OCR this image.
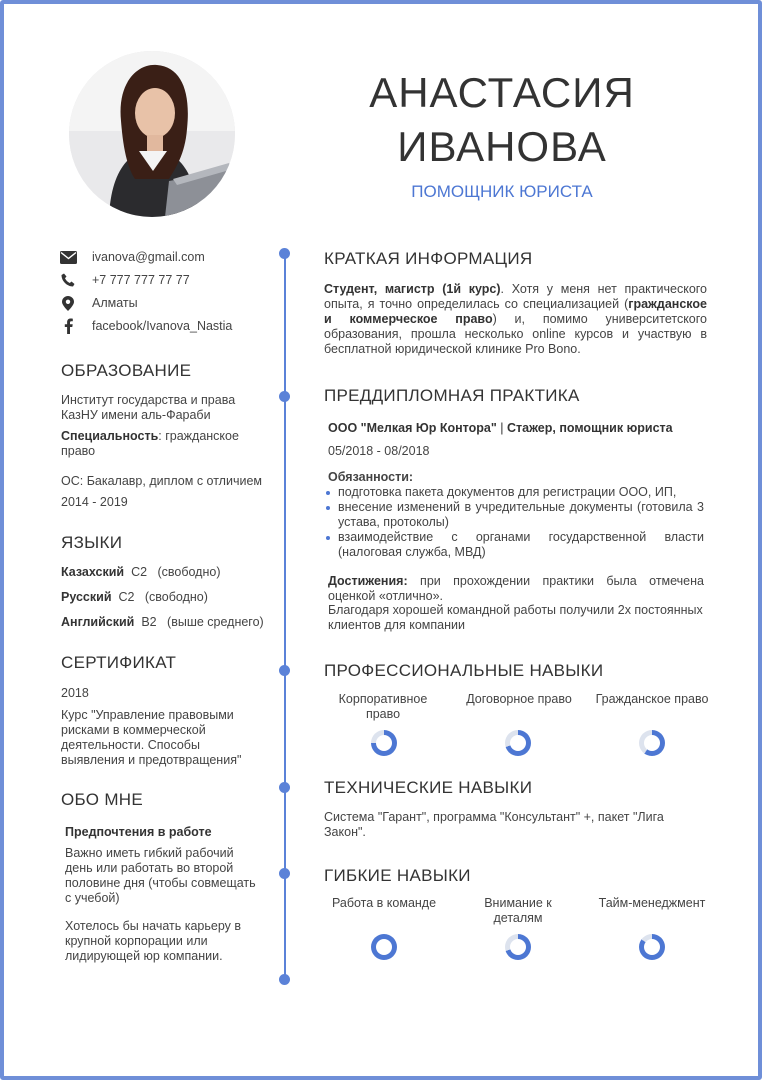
АНАСТАСИЯ
ИВАНОВА
ПОМОЩНИК ЮРИСТА
ivanova@gmail.com
+7 777 777 77 77
Алматы
facebook/Ivanova_Nastia
ОБРАЗОВАНИЕ
Институт государства и права КазНУ имени аль-Фараби
Специальность: гражданское право
ОС: Бакалавр, диплом с отличием
2014 - 2019
ЯЗЫКИ
Казахский С2 (свободно)
Русский С2 (свободно)
Английский В2 (выше среднего)
СЕРТИФИКАТ
2018
Курс "Управление правовыми рисками в коммерческой деятельности. Способы выявления и предотвращения"
ОБО МНЕ
Предпочтения в работе
Важно иметь гибкий рабочий день или работать во второй половине дня (чтобы совмещать с учебой)
Хотелось бы начать карьеру в крупной корпорации или лидирующей юр компании.
КРАТКАЯ ИНФОРМАЦИЯ
Студент, магистр (1й курс). Хотя у меня нет практического опыта, я точно определилась со специализацией (гражданское и коммерческое право) и, помимо университетского образования, прошла несколько online курсов и участвую в бесплатной юридической клинике Pro Bono.
ПРЕДДИПЛОМНАЯ ПРАКТИКА
ООО "Мелкая Юр Контора" | Стажер, помощник юриста
05/2018 - 08/2018
Обязанности:
подготовка пакета документов для регистрации ООО, ИП,
внесение изменений в учредительные документы (готовила 3 устава, протоколы)
взаимодействие с органами государственной власти (налоговая служба, МВД)
Достижения: при прохождении практики была отмечена оценкой «отлично».
Благодаря хорошей командной работы получили 2х постоянных клиентов для компании
ПРОФЕССИОНАЛЬНЫЕ НАВЫКИ
Корпоративное право
Договорное право	Гражданское право
ТЕХНИЧЕСКИЕ НАВЫКИ
Система "Гарант", программа "Консультант" +, пакет "Лига Закон".
ГИБКИЕ НАВЫКИ
Работа в команде	Внимание к деталям
Тайм-менеджмент
